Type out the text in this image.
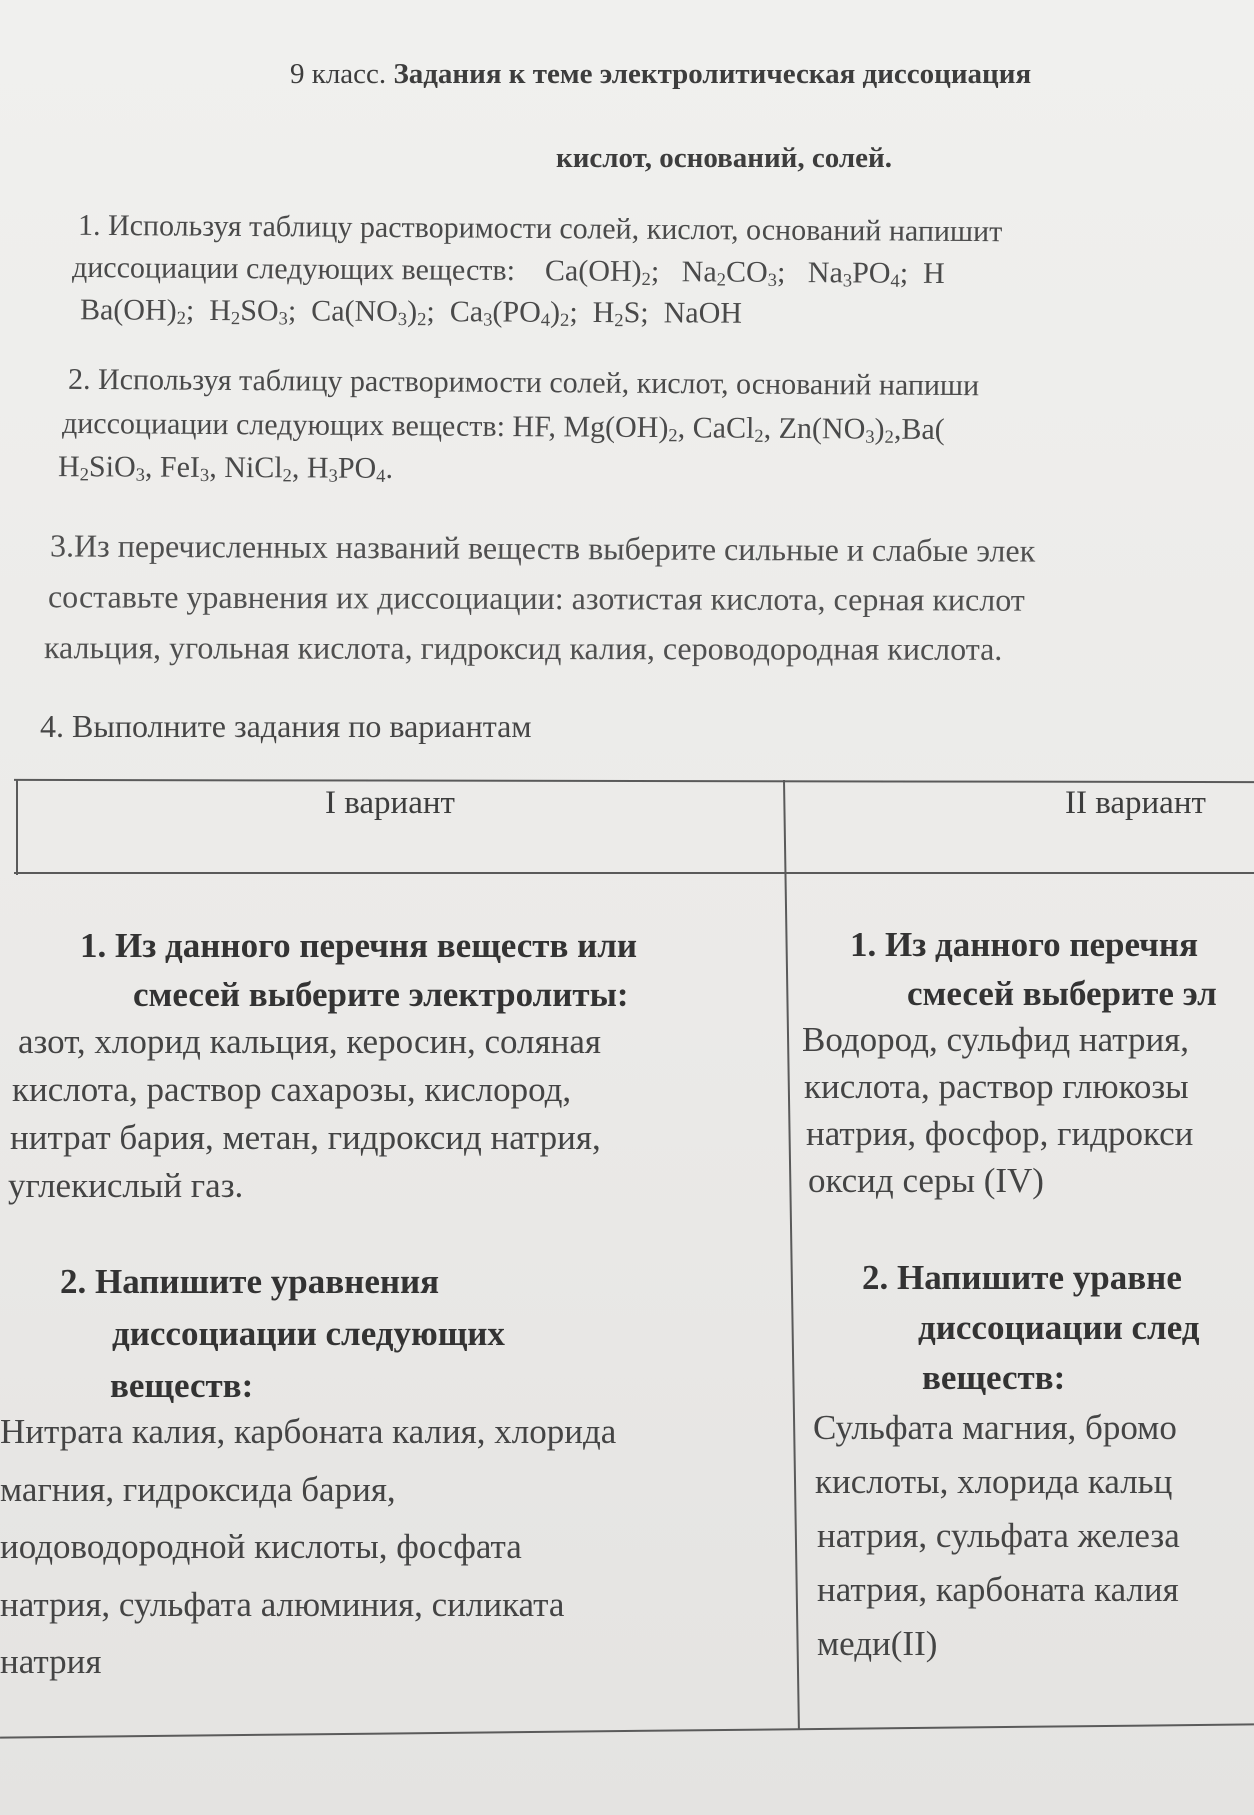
9 класс. Задания к теме электролитическая диссоциация
кислот, оснований, солей.
1. Используя таблицу растворимости солей, кислот, оснований напишит
диссоциации следующих веществ:    $Ca(OH)_2$;   $Na_2CO_3$;   $Na_3PO_4$;  H
$Ba(OH)_2$;  $H_2SO_3$;  $Ca(NO_3)_2$;  $Ca_3(PO_4)_2$;  $H_2S$;  NaOH
2. Используя таблицу растворимости солей, кислот, оснований напиши
диссоциации следующих веществ: HF, $Mg(OH)_2$, CaCl$_2$, $Zn(NO_3)_2,Ba$(
$H_2SiO_3$, FeI$_3$, NiCl$_2$, $H_3PO_4$.
3.Из перечисленных названий веществ выберите сильные и слабые элек
составьте уравнения их диссоциации: азотистая кислота, серная кислот
кальция, угольная кислота, гидроксид калия, сероводородная кислота.
4. Выполните задания по вариантам
I вариант	II вариант
1. Из данного перечня веществ или
смесей выберите электролиты:
азот, хлорид кальция, керосин, соляная
кислота, раствор сахарозы, кислород,
нитрат бария, метан, гидроксид натрия,
углекислый газ.
2. Напишите уравнения
диссоциации следующих
веществ:
Нитрата калия, карбоната калия, хлорида
магния, гидроксида бария,
иодоводородной кислоты, фосфата
натрия, сульфата алюминия, силиката
натрия
1. Из данного перечня
смесей выберите эл
Водород, сульфид натрия,
кислота, раствор глюкозы
натрия, фосфор, гидрокси
оксид серы (IV)
2. Напишите уравне
диссоциации след
веществ:
Сульфата магния, бромо
кислоты, хлорида кальц
натрия, сульфата железа
натрия, карбоната калия
меди(II)
